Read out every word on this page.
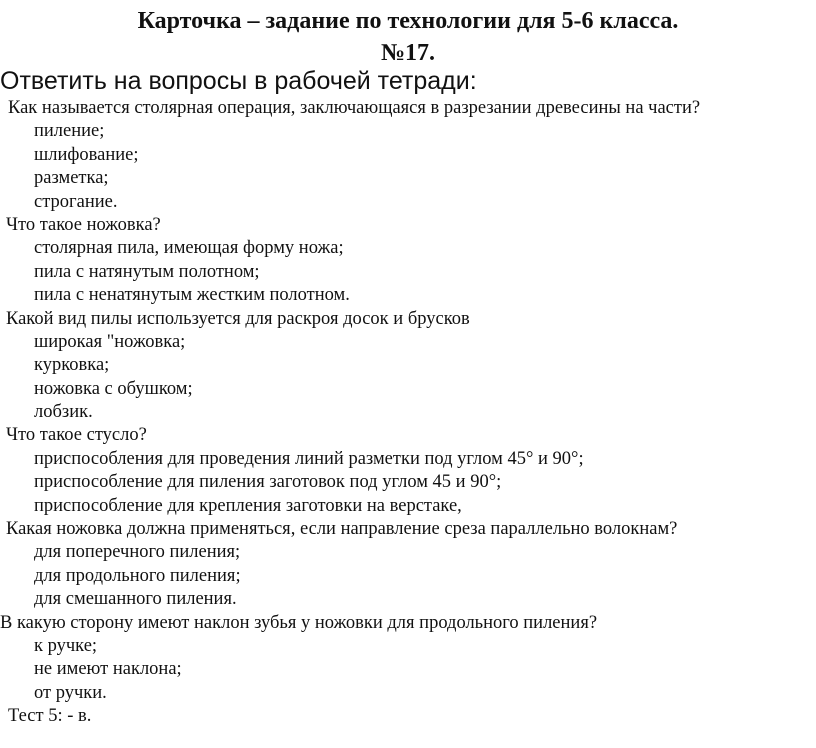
Карточка – задание по технологии для 5-6 класса.
№17.

Ответить на вопросы в рабочей тетради:

Как называется столярная операция, заключающаяся в разрезании древесины на части?
пиление;
шлифование;
разметка;
строгание.
Что такое ножовка?
столярная пила, имеющая форму ножа;
пила с натянутым полотном;
пила с ненатянутым жестким полотном.
Какой вид пилы используется для раскроя досок и брусков
широкая "ножовка;
курковка;
ножовка с обушком;
лобзик.
Что такое стусло?
приспособления для проведения линий разметки под углом 45° и 90°;
приспособление для пиления заготовок под углом 45 и 90°;
приспособление для крепления заготовки на верстаке,
Какая ножовка должна применяться, если направление среза параллельно волокнам?
для поперечного пиления;
для продольного пиления;
для смешанного пиления.
В какую сторону имеют наклон зубья у ножовки для продольного пиления?
к ручке;
не имеют наклона;
от ручки.
Тест 5: - в.
